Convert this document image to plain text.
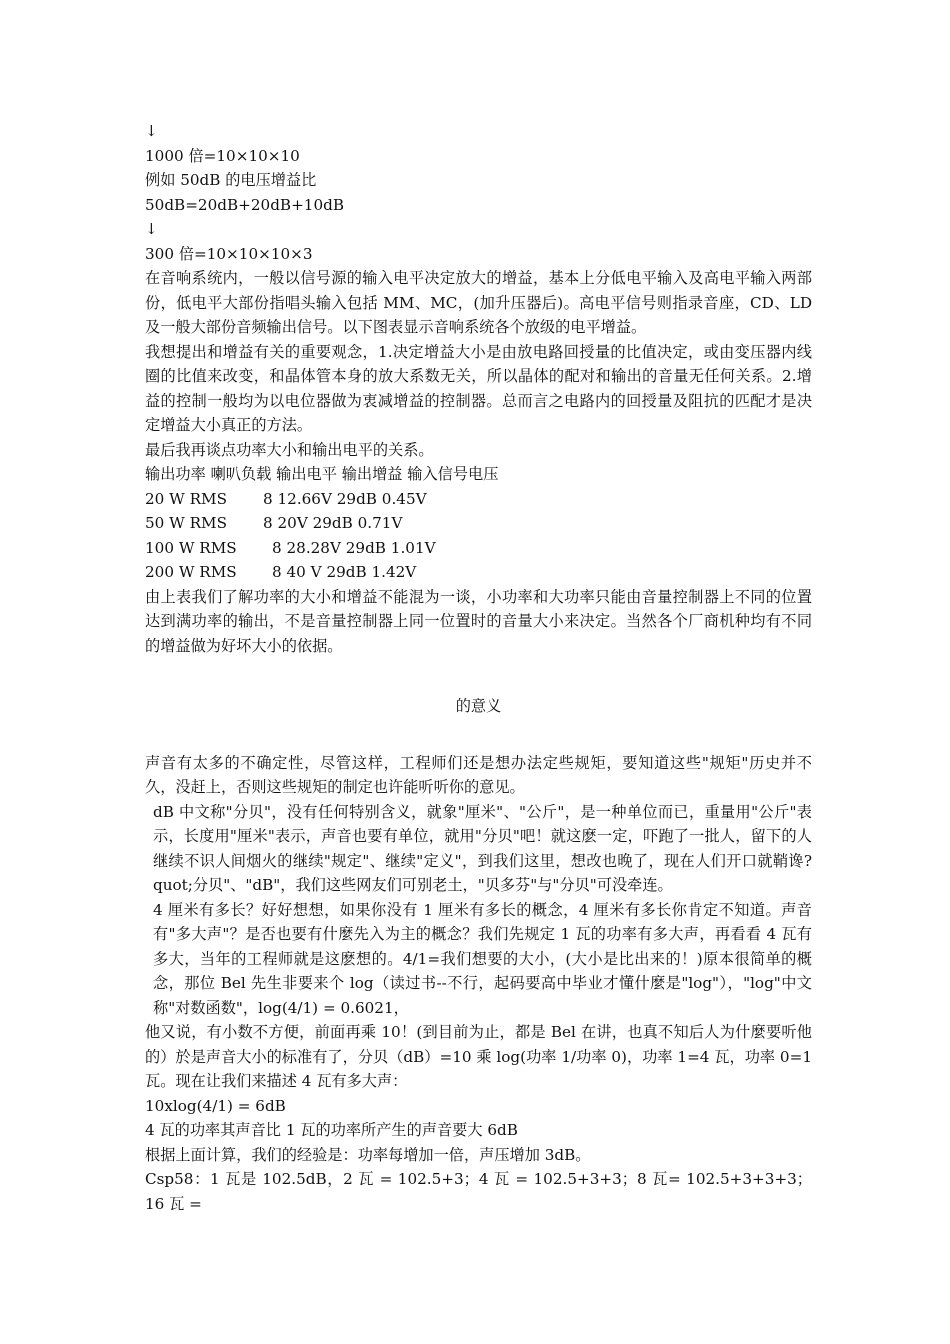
↓
1000 倍=10×10×10
例如 50dB 的电压增益比
50dB=20dB+20dB+10dB
↓
300 倍=10×10×10×3
在音响系统内，一般以信号源的输入电平决定放大的增益，基本上分低电平输入及高电平输入两部份，低电平大部份指唱头输入包括 MM、MC，(加升压器后)。高电平信号则指录音座，CD、LD 及一般大部份音频输出信号。以下图表显示音响系统各个放级的电平增益。
我想提出和增益有关的重要观念，1.决定增益大小是由放电路回授量的比值决定，或由变压器内线圈的比值来改变，和晶体管本身的放大系数无关，所以晶体的配对和输出的音量无任何关系。2.增益的控制一般均为以电位器做为衷减增益的控制器。总而言之电路内的回授量及阻抗的匹配才是决定增益大小真正的方法。
最后我再谈点功率大小和输出电平的关系。
输出功率 喇叭负载 输出电平 输出增益 输入信号电压
20 W RMS	8 12.66V 29dB 0.45V
50 W RMS	8 20V 29dB 0.71V
100 W RMS	8 28.28V 29dB 1.01V
200 W RMS	8 40 V 29dB 1.42V
由上表我们了解功率的大小和增益不能混为一谈，小功率和大功率只能由音量控制器上不同的位置达到满功率的输出，不是音量控制器上同一位置时的音量大小来决定。当然各个厂商机种均有不同的增益做为好坏大小的依据。
的意义
声音有太多的不确定性，尽管这样，工程师们还是想办法定些规矩，要知道这些"规矩"历史并不久，没赶上，否则这些规矩的制定也许能听听你的意见。
dB 中文称"分贝"，没有任何特别含义，就象"厘米"、"公斤"，是一种单位而已，重量用"公斤"表示，长度用"厘米"表示，声音也要有单位，就用"分贝"吧！就这麽一定，吓跑了一批人，留下的人继续不识人间烟火的继续"规定"、继续"定义"，到我们这里，想改也晚了，现在人们开口就鞘谗?quot;分贝"、"dB"，我们这些网友们可别老土，"贝多芬"与"分贝"可没牵连。
4 厘米有多长？好好想想，如果你没有 1 厘米有多长的概念，4 厘米有多长你肯定不知道。声音有"多大声"？是否也要有什麼先入为主的概念？我们先规定 1 瓦的功率有多大声，再看看 4 瓦有多大，当年的工程师就是这麽想的。4/1=我们想要的大小，(大小是比出来的！)原本很简单的概念，那位 Bel 先生非要来个 log（读过书--不行，起码要高中毕业才懂什麼是"log"），"log"中文称"对数函数"，log(4/1) = 0.6021，
他又说，有小数不方便，前面再乘 10！(到目前为止，都是 Bel 在讲，也真不知后人为什麼要听他的）於是声音大小的标准有了，分贝（dB）=10 乘 log(功率 1/功率 0)，功率 1=4 瓦，功率 0=1 瓦。现在让我们来描述 4 瓦有多大声：
10xlog(4/1) = 6dB
4 瓦的功率其声音比 1 瓦的功率所产生的声音要大 6dB
根据上面计算，我们的经验是：功率每增加一倍，声压增加 3dB。
Csp58：1 瓦是 102.5dB，2 瓦 = 102.5+3；4 瓦 = 102.5+3+3；8 瓦= 102.5+3+3+3；16 瓦 =
